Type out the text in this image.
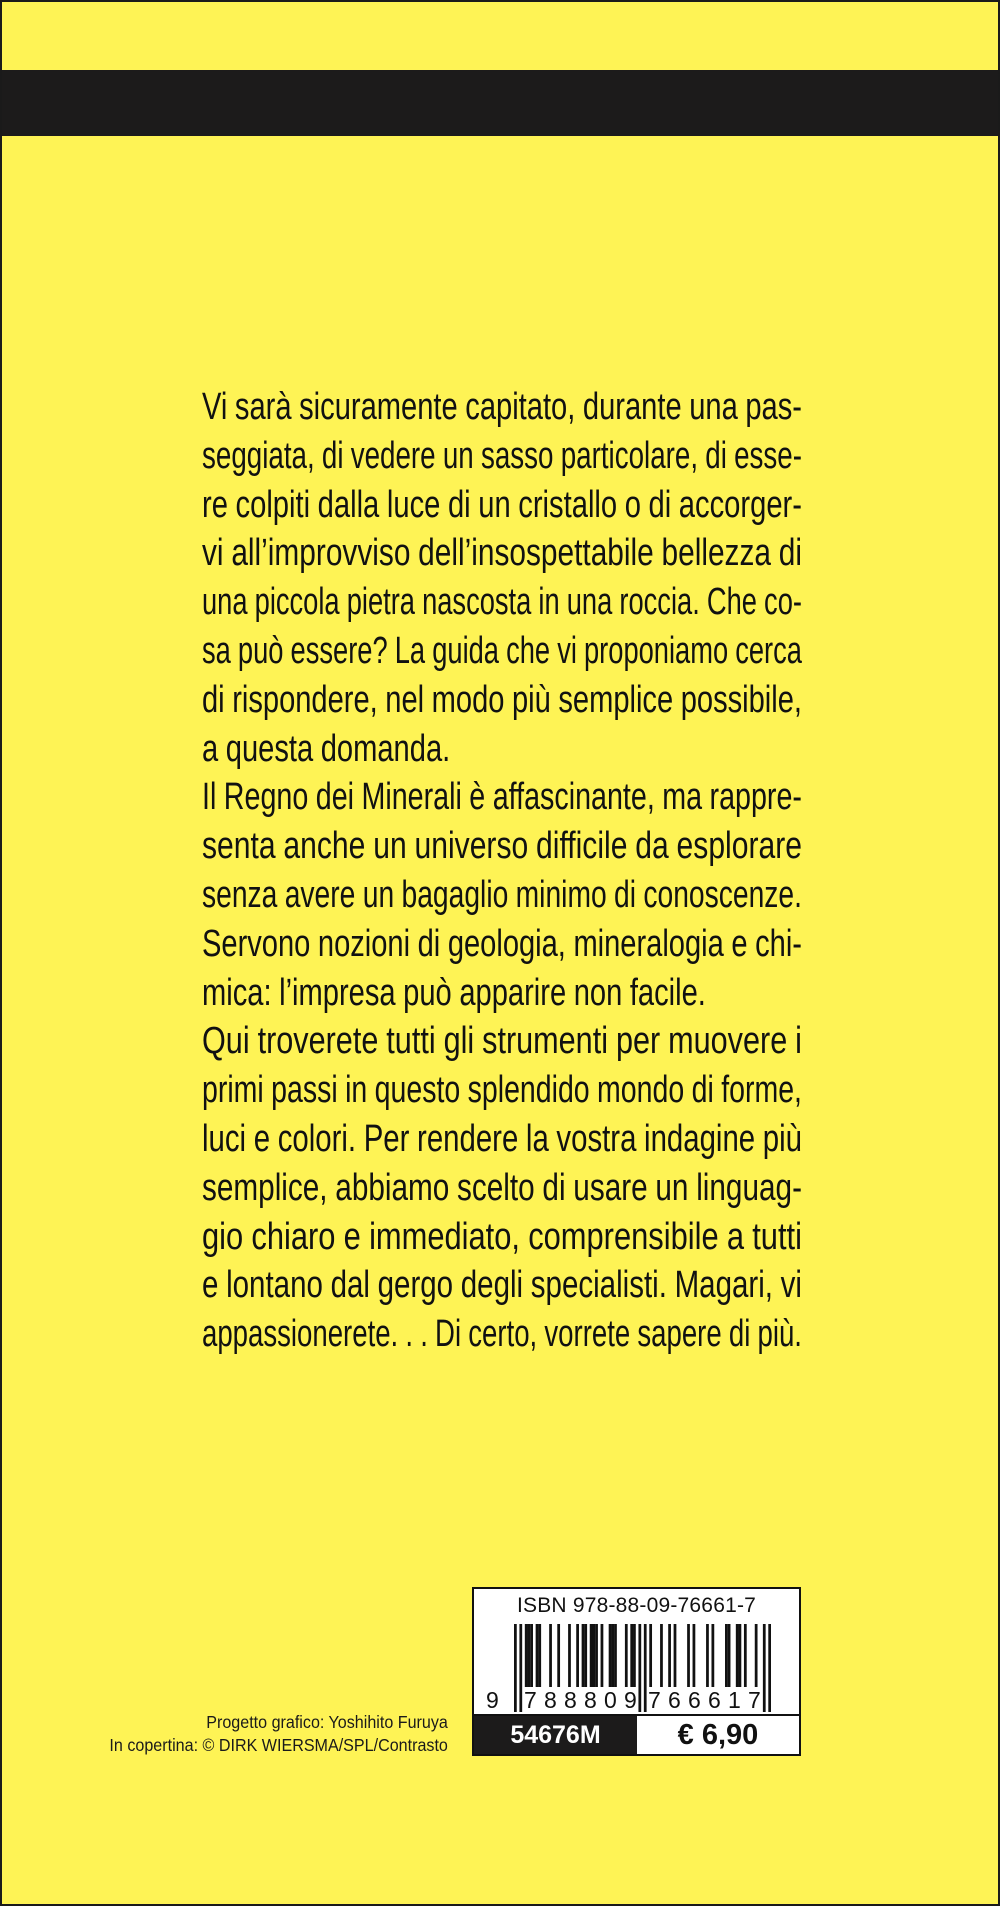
Vi sarà sicuramente capitato, durante una pas-
seggiata, di vedere un sasso particolare, di esse-
re colpiti dalla luce di un cristallo o di accorger-
vi all’improvviso dell’insospettabile bellezza di
una piccola pietra nascosta in una roccia. Che co-
sa può essere? La guida che vi proponiamo cerca
di rispondere, nel modo più semplice possibile,
a questa domanda.
Il Regno dei Minerali è affascinante, ma rappre-
senta anche un universo difficile da esplorare
senza avere un bagaglio minimo di conoscenze.
Servono nozioni di geologia, mineralogia e chi-
mica: l’impresa può apparire non facile.
Qui troverete tutti gli strumenti per muovere i
primi passi in questo splendido mondo di forme,
luci e colori. Per rendere la vostra indagine più
semplice, abbiamo scelto di usare un linguag-
gio chiaro e immediato, comprensibile a tutti
e lontano dal gergo degli specialisti. Magari, vi
appassionerete. . . Di certo, vorrete sapere di più.
Progetto grafico: Yoshihito Furuya
In copertina: © DIRK WIERSMA/SPL/Contrasto
ISBN 978-88-09-76661-7
9 788809 766617
54676M	€ 6,90
